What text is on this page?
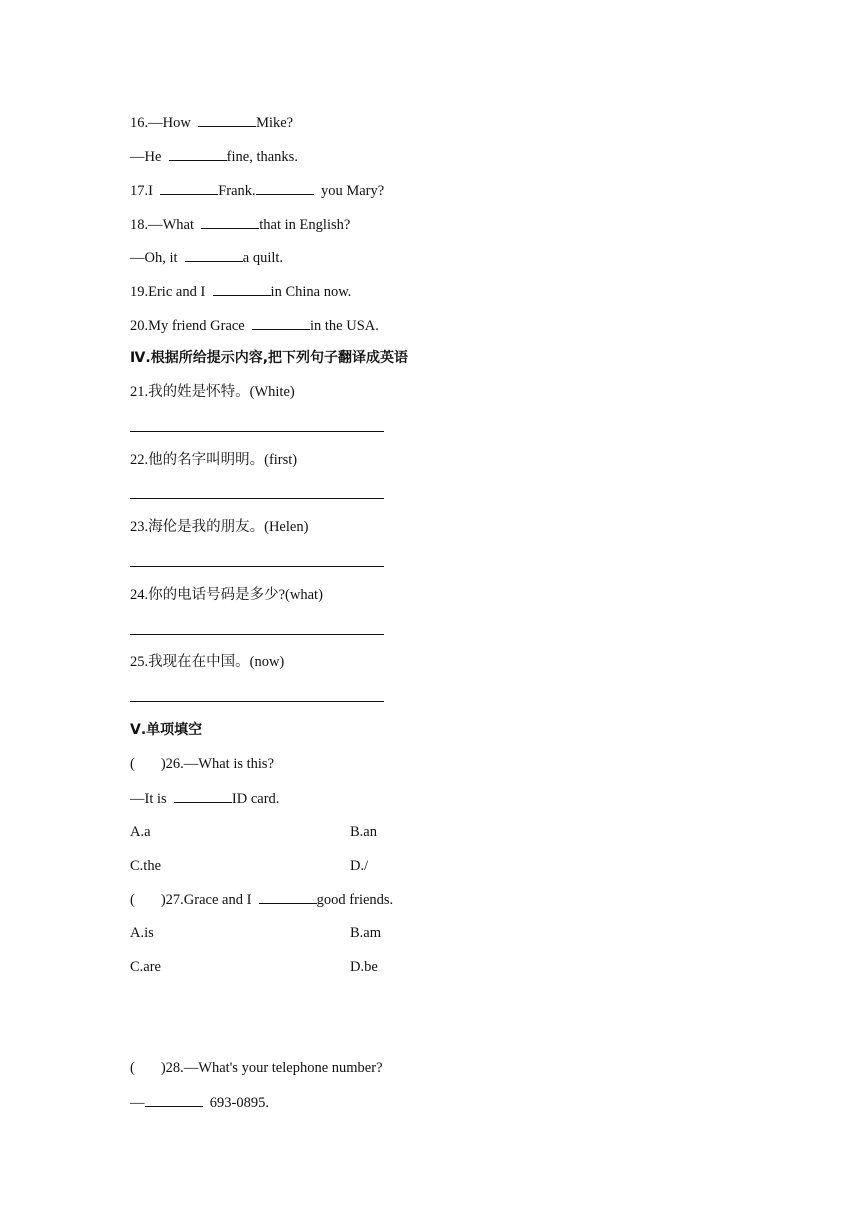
16.—How	Mike?
—He	fine, thanks.
17.I	Frank.	you Mary?
18.—What	that in English?
—Oh, it	a quilt.
19.Eric and I	in China now.
20.My friend Grace	in the USA.
Ⅳ.根据所给提示内容,把下列句子翻译成英语
21.我的姓是怀特。(White)
22.他的名字叫明明。(first)
23.海伦是我的朋友。(Helen)
24.你的电话号码是多少?(what)
25.我现在在中国。(now)
Ⅴ.单项填空
( )26.—What is this?
—It is	ID card.
A.a	B.an
C.the	D./
( )27.Grace and I	good friends.
A.is	B.am
C.are	D.be
( )28.—What's your telephone number?
—	693-0895.
